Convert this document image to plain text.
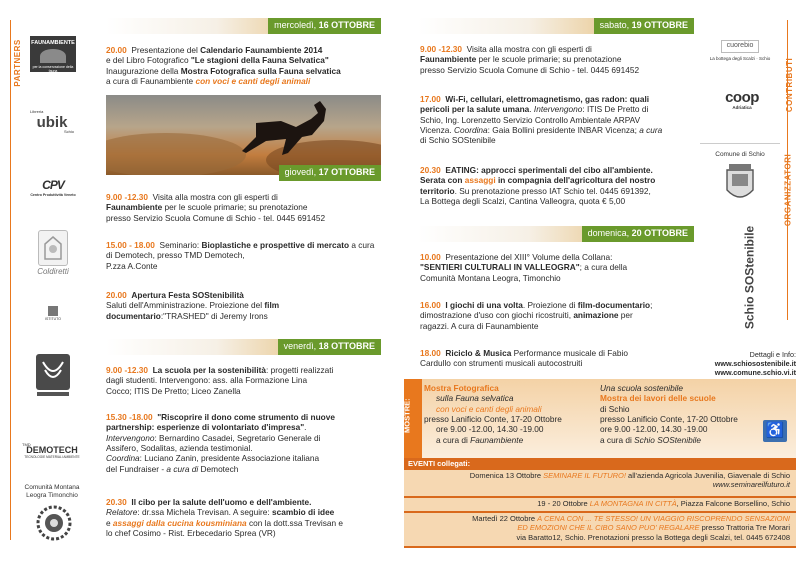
PARTNERS FAUNAMBIENTE
per la conservazione della fauna
Libreria
ubik
Schio
CPV
Centro Produttività Veneto
Coldiretti
ISTITUTO
TMD
DEMOTECH
TECNOLOGIE MATERIALI AMBIENTE
Comunità Montana Leogra Timonchio
mercoledì, 16 OTTOBRE
20.00 Presentazione del Calendario Faunambiente 2014
e del Libro Fotografico "Le stagioni della Fauna Selvatica"
Inaugurazione della Mostra Fotografica sulla Fauna selvatica
a cura di Faunambiente con voci e canti degli animali
giovedì, 17 OTTOBRE
9.00 -12.30 Visita alla mostra con gli esperti di
Faunambiente per le scuole primarie; su prenotazione
presso Servizio Scuola Comune di Schio - tel. 0445 691452
15.00 - 18.00 Seminario: Bioplastiche e prospettive di mercato a cura di Demotech, presso TMD Demotech,
P.zza A.Conte
20.00 Apertura Festa SOStenibilità
Saluti dell'Amministrazione. Proiezione del film
documentario:"TRASHED" di Jeremy Irons
venerdì, 18 OTTOBRE
9.00 -12.30 La scuola per la sostenibilità: progetti realizzati
dagli studenti. Intervengono: ass. alla Formazione Lina
Cocco; ITIS De Pretto; Liceo Zanella
15.30 -18.00 "Riscoprire il dono come strumento di nuove
partnership: esperienze di volontariato d'impresa".
Intervengono: Bernardino Casadei, Segretario Generale di
Assifero, Sodalitas, azienda testimonial.
Coordina: Luciano Zanin, presidente Associazione italiana
del Fundraiser - a cura di Demotech
20.30 Il cibo per la salute dell'uomo e dell'ambiente.
Relatore: dr.ssa Michela Trevisan. A seguire: scambio di idee
e assaggi dalla cucina kousminiana con la dott.ssa Trevisan e
lo chef Cosimo - Rist. Erbecedario Sprea (VR)
sabato, 19 OTTOBRE
9.00 -12.30 Visita alla mostra con gli esperti di
Faunambiente per le scuole primarie; su prenotazione
presso Servizio Scuola Comune di Schio - tel. 0445 691452
17.00 Wi-Fi, cellulari, elettromagnetismo, gas radon: quali
pericoli per la salute umana. Intervengono: ITIS De Pretto di
Schio, Ing. Lorenzetto Servizio Controllo Ambientale ARPAV
Vicenza. Coordina: Gaia Bollini presidente INBAR Vicenza; a cura
di Schio SOStenibile
20.30 EATING: approcci sperimentali del cibo all'ambiente.
Serata con assaggi in compagnia dell'agricoltura del nostro
territorio. Su prenotazione presso IAT Schio tel. 0445 691392,
La Bottega degli Scalzi, Cantina Valleogra, quota € 5,00
domenica, 20 OTTOBRE
10.00 Presentazione del XIII° Volume della Collana:
"SENTIERI CULTURALI IN VALLEOGRA"; a cura della
Comunità Montana Leogra, Timonchio
16.00 I giochi di una volta. Proiezione di film-documentario;
dimostrazione d'uso con giochi ricostruiti, animazione per
ragazzi. A cura di Faunambiente
18.00 Riciclo & Musica Performance musicale di Fabio
Cardullo con strumenti musicali autocostruiti
cuorebio
La bottega degli Scalzi · Schio
coop
Adriatica
Comune di Schio
Schio SOStenibile
CONTRIBUTI
ORGANIZZATORI
Dettagli e Info:
www.schiosostenibile.it
www.comune.schio.vi.it
MOSTRE:
Mostra Fotografica
sulla Fauna selvatica
con voci e canti degli animali
presso Lanificio Conte, 17-20 Ottobre
ore 9.00 -12.00, 14.30 -19.00
a cura di Faunambiente
Una scuola sostenibile
Mostra dei lavori delle scuole
di Schio
presso Lanificio Conte, 17-20 Ottobre
ore 9.00 -12.00, 14.30 -19.00
a cura di Schio SOStenibile
♿
EVENTI collegati:
Domenica 13 Ottobre SEMINARE IL FUTURO! all'azienda Agricola Juvenilia, Giavenale di Schio
www.seminareilfuturo.it
19 - 20 Ottobre LA MONTAGNA IN CITTÀ, Piazza Falcone Borsellino, Schio
Martedì 22 Ottobre A CENA CON ... TE STESSO! UN VIAGGIO RISCOPRENDO SENSAZIONI
ED EMOZIONI CHE IL CIBO SANO PUO' REGALARE presso Trattoria Tre Morari
via Baratto12, Schio. Prenotazioni presso la Bottega degli Scalzi, tel. 0445 672408
